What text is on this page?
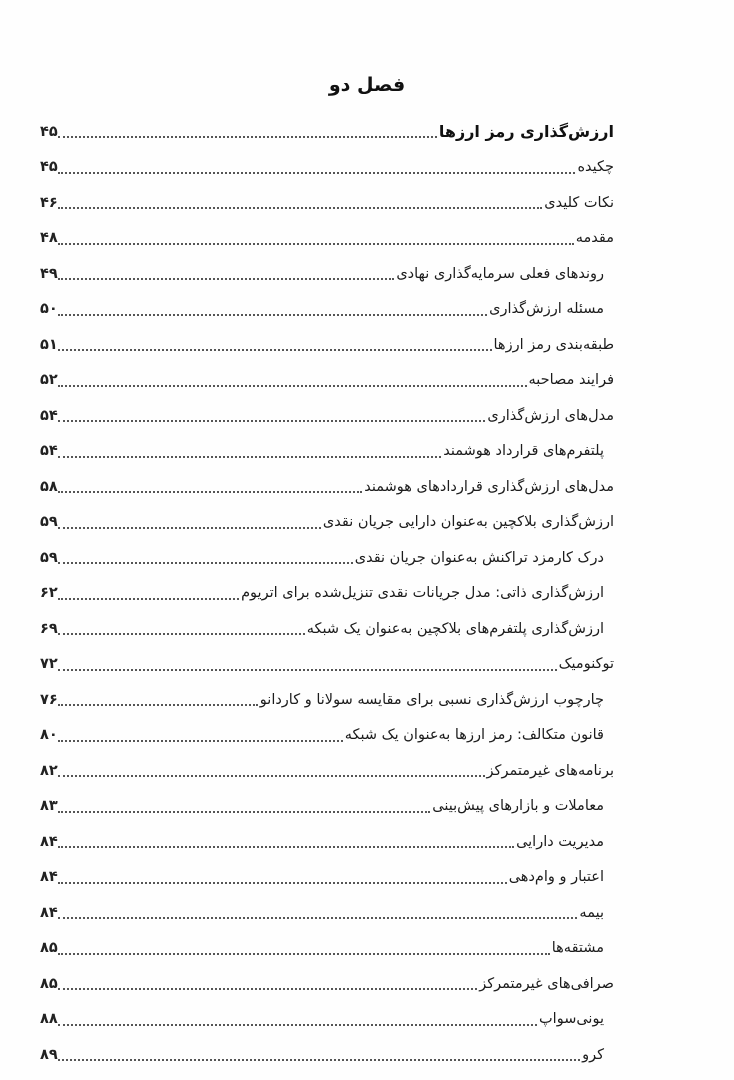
فصل دو
ارزش‌گذاری رمز ارزها
۴۵
چکیده
۴۵
نکات کلیدی
۴۶
مقدمه
۴۸
روندهای فعلی سرمایه‌گذاری نهادی
۴۹
مسئله ارزش‌گذاری
۵۰
طبقه‌بندی رمز ارزها
۵۱
فرایند مصاحبه
۵۲
مدل‌های ارزش‌گذاری
۵۴
پلتفرم‌های قرارداد هوشمند
۵۴
مدل‌های ارزش‌گذاری قراردادهای هوشمند
۵۸
ارزش‌گذاری بلاکچین به‌عنوان دارایی جریان نقدی
۵۹
درک کارمزد تراکنش به‌عنوان جریان نقدی
۵۹
ارزش‌گذاری ذاتی: مدل جریانات نقدی تنزیل‌شده برای اتریوم
۶۲
ارزش‌گذاری پلتفرم‌های بلاکچین به‌عنوان یک شبکه
۶۹
توکنومیک
۷۲
چارچوب ارزش‌گذاری نسبی برای مقایسه سولانا و کاردانو
۷۶
قانون متکالف: رمز ارزها به‌عنوان یک شبکه
۸۰
برنامه‌های غیرمتمرکز
۸۲
معاملات و بازارهای پیش‌بینی
۸۳
مدیریت دارایی
۸۴
اعتبار و وام‌دهی
۸۴
بیمه
۸۴
مشتقه‌ها
۸۵
صرافی‌های غیرمتمرکز
۸۵
یونی‌سواپ
۸۸
کرو
۸۹
